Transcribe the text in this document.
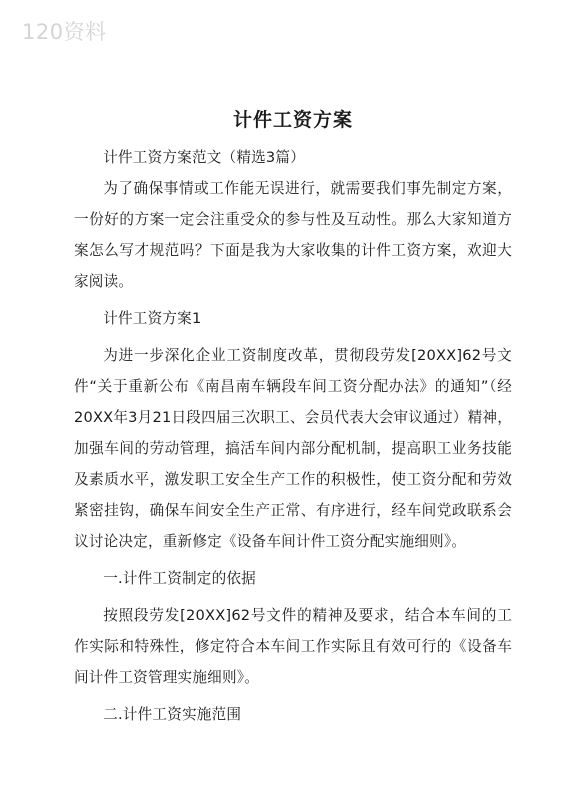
120资料
计件工资方案

计件工资方案范文（精选3篇）

为了确保事情或工作能无误进行，就需要我们事先制定方案，一份好的方案一定会注重受众的参与性及互动性。那么大家知道方案怎么写才规范吗？下面是我为大家收集的计件工资方案，欢迎大家阅读。

计件工资方案1

为进一步深化企业工资制度改革，贯彻段劳发[20XX]62号文件“关于重新公布《南昌南车辆段车间工资分配办法》的通知”（经20XX年3月21日段四届三次职工、会员代表大会审议通过）精神，加强车间的劳动管理，搞活车间内部分配机制，提高职工业务技能及素质水平，激发职工安全生产工作的积极性，使工资分配和劳效紧密挂钩，确保车间安全生产正常、有序进行，经车间党政联系会议讨论决定，重新修定《设备车间计件工资分配实施细则》。

一.计件工资制定的依据

按照段劳发[20XX]62号文件的精神及要求，结合本车间的工作实际和特殊性，修定符合本车间工作实际且有效可行的《设备车间计件工资管理实施细则》。

二.计件工资实施范围
